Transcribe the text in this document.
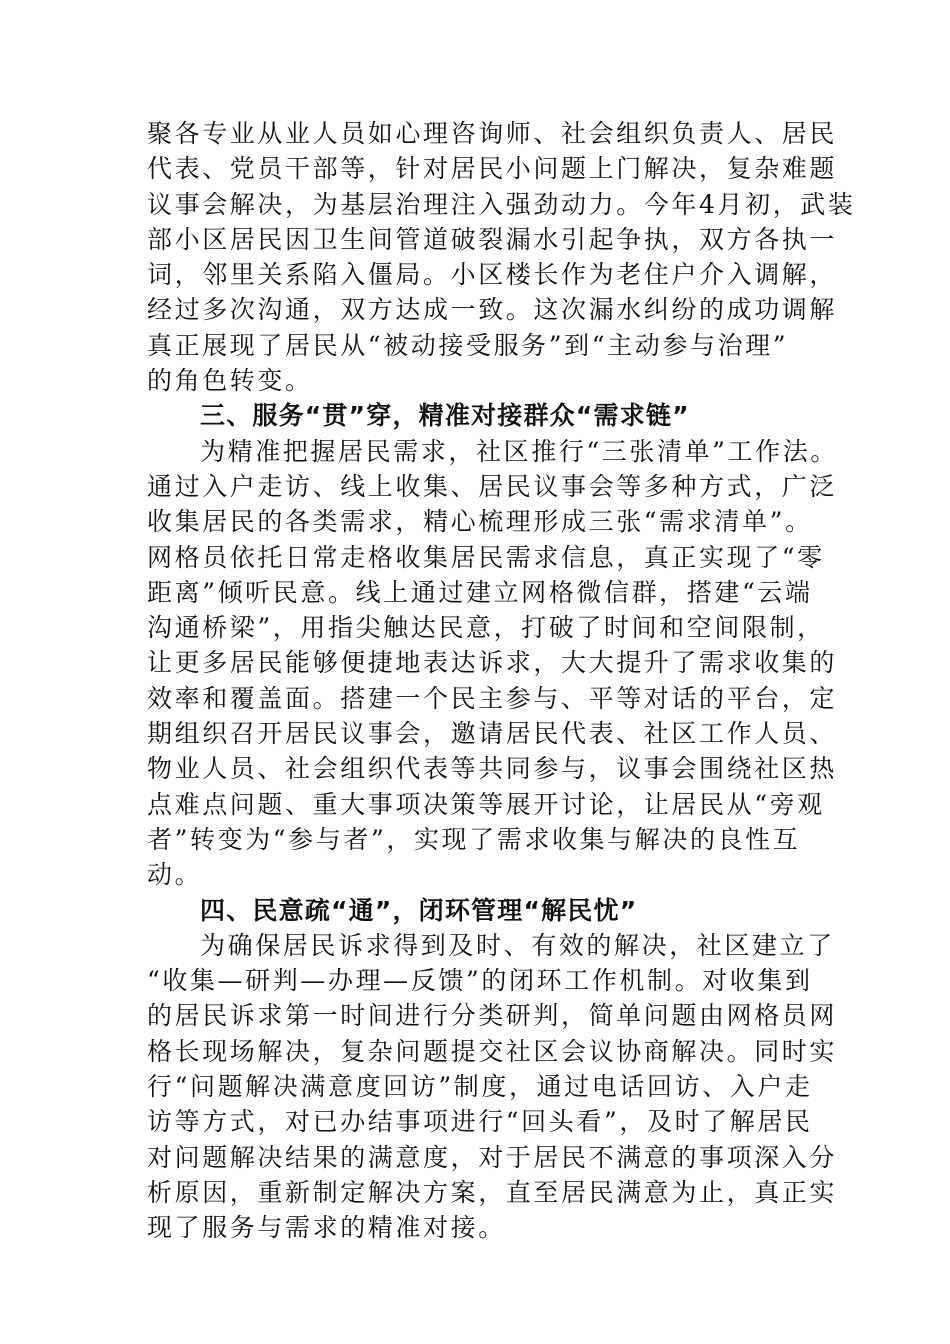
聚各专业从业人员如心理咨询师、社会组织负责人、居民
代表、党员干部等，针对居民小问题上门解决，复杂难题
议事会解决，为基层治理注入强劲动力。今年4月初，武装
部小区居民因卫生间管道破裂漏水引起争执，双方各执一
词，邻里关系陷入僵局。小区楼长作为老住户介入调解，
经过多次沟通，双方达成一致。这次漏水纠纷的成功调解
真正展现了居民从“被动接受服务”到“主动参与治理”
的角色转变。
三、服务“贯”穿，精准对接群众“需求链”
为精准把握居民需求，社区推行“三张清单”工作法。
通过入户走访、线上收集、居民议事会等多种方式，广泛
收集居民的各类需求，精心梳理形成三张“需求清单”。
网格员依托日常走格收集居民需求信息，真正实现了“零
距离”倾听民意。线上通过建立网格微信群，搭建“云端
沟通桥梁”，用指尖触达民意，打破了时间和空间限制，
让更多居民能够便捷地表达诉求，大大提升了需求收集的
效率和覆盖面。搭建一个民主参与、平等对话的平台，定
期组织召开居民议事会，邀请居民代表、社区工作人员、
物业人员、社会组织代表等共同参与，议事会围绕社区热
点难点问题、重大事项决策等展开讨论，让居民从“旁观
者”转变为“参与者”，实现了需求收集与解决的良性互
动。
四、民意疏“通”，闭环管理“解民忧”
为确保居民诉求得到及时、有效的解决，社区建立了
“收集—研判—办理—反馈”的闭环工作机制。对收集到
的居民诉求第一时间进行分类研判，简单问题由网格员网
格长现场解决，复杂问题提交社区会议协商解决。同时实
行“问题解决满意度回访”制度，通过电话回访、入户走
访等方式，对已办结事项进行“回头看”，及时了解居民
对问题解决结果的满意度，对于居民不满意的事项深入分
析原因，重新制定解决方案，直至居民满意为止，真正实
现了服务与需求的精准对接。
